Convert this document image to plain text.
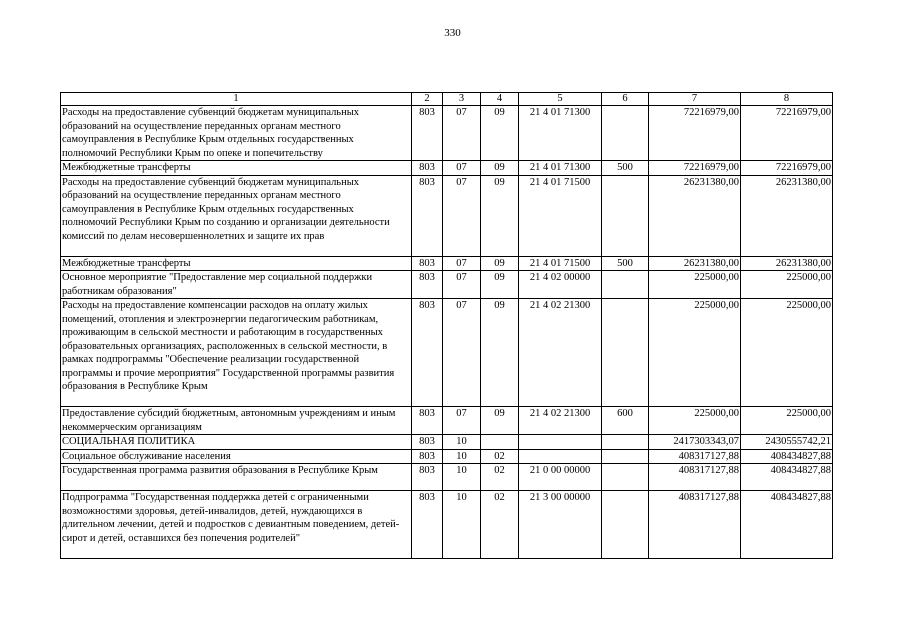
330
1	2	3	4	5	6	7	8
Расходы на предоставление субвенций бюджетам муниципальных образований на осуществление переданных органам местного самоуправления в Республике Крым отдельных государственных полномочий Республики Крым по опеке и попечительству	803	07	09	21 4 01 71300		72216979,00	72216979,00
Межбюджетные трансферты	803	07	09	21 4 01 71300	500	72216979,00	72216979,00
Расходы на предоставление субвенций бюджетам муниципальных образований на осуществление переданных органам местного самоуправления в Республике Крым отдельных государственных полномочий Республики Крым по созданию и организации деятельности комиссий по делам несовершеннолетних и защите их прав	803	07	09	21 4 01 71500		26231380,00	26231380,00
Межбюджетные трансферты	803	07	09	21 4 01 71500	500	26231380,00	26231380,00
Основное мероприятие "Предоставление мер социальной поддержки работникам образования"	803	07	09	21 4 02 00000		225000,00	225000,00
Расходы на предоставление компенсации расходов на оплату жилых помещений, отопления и электроэнергии педагогическим работникам, проживающим в сельской местности и работающим в государственных образовательных организациях, расположенных в сельской местности, в рамках подпрограммы "Обеспечение реализации государственной программы и прочие мероприятия" Государственной программы развития образования в Республике Крым	803	07	09	21 4 02 21300		225000,00	225000,00
Предоставление субсидий бюджетным, автономным учреждениям и иным некоммерческим организациям	803	07	09	21 4 02 21300	600	225000,00	225000,00
СОЦИАЛЬНАЯ ПОЛИТИКА	803	10				2417303343,07	2430555742,21
Социальное обслуживание населения	803	10	02			408317127,88	408434827,88
Государственная программа развития образования в Республике Крым	803	10	02	21 0 00 00000		408317127,88	408434827,88
Подпрограмма "Государственная поддержка детей с ограниченными возможностями здоровья, детей-инвалидов, детей, нуждающихся в длительном лечении, детей и подростков с девиантным поведением, детей-сирот и детей, оставшихся без попечения родителей"	803	10	02	21 3 00 00000		408317127,88	408434827,88
